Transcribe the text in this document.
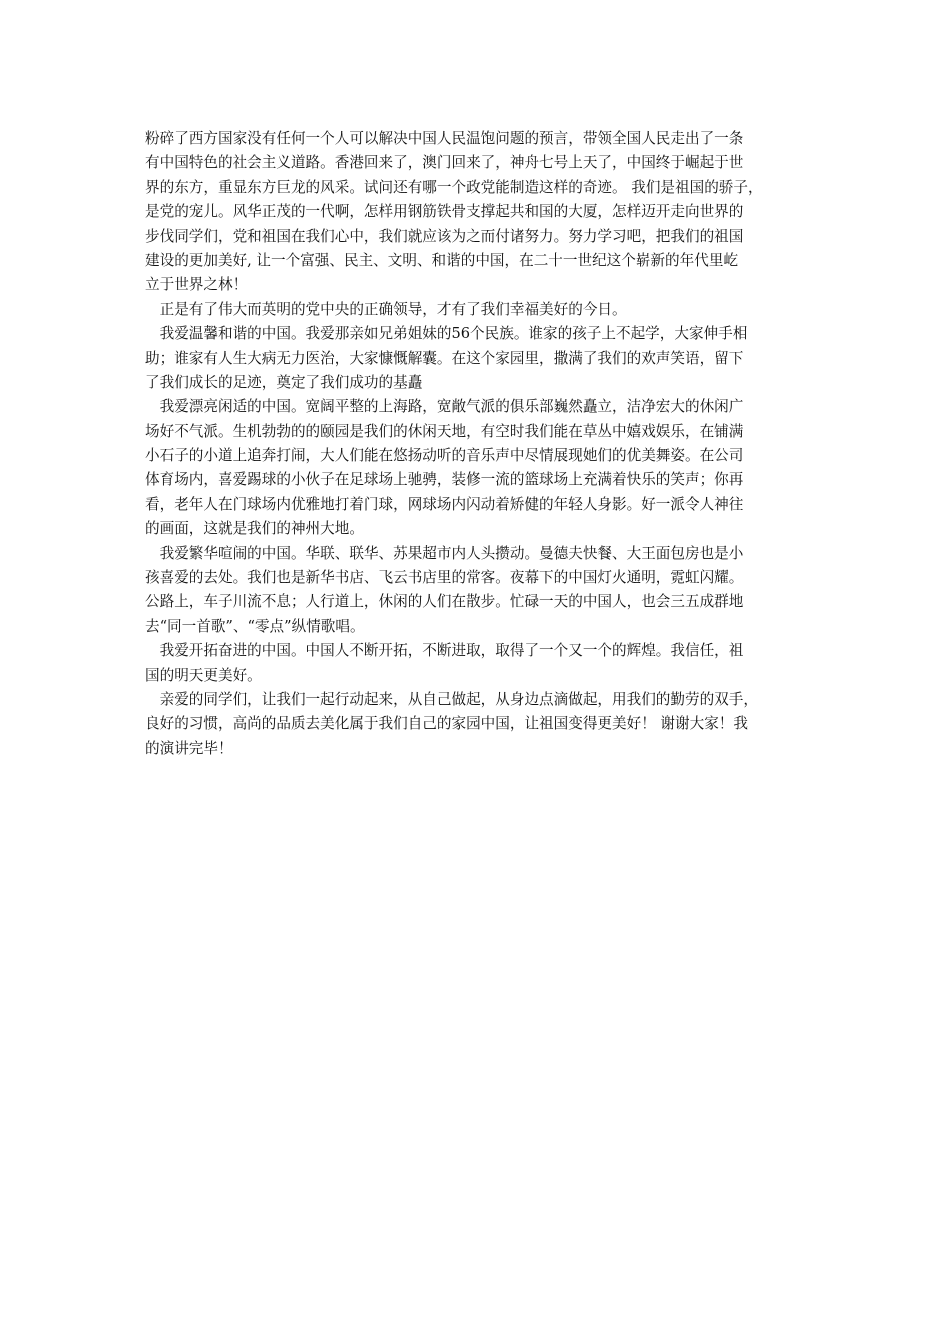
粉碎了西方国家没有任何一个人可以解决中国人民温饱问题的预言，带领全国人民走出了一条
有中国特色的社会主义道路。香港回来了，澳门回来了，神舟七号上天了，中国终于崛起于世
界的东方，重显东方巨龙的风采。试问还有哪一个政党能制造这样的奇迹。 我们是祖国的骄子，
是党的宠儿。风华正茂的一代啊，怎样用钢筋铁骨支撑起共和国的大厦，怎样迈开走向世界的
步伐同学们，党和祖国在我们心中，我们就应该为之而付诸努力。努力学习吧，把我们的祖国
建设的更加美好, 让一个富强、民主、文明、和谐的中国，在二十一世纪这个崭新的年代里屹
立于世界之林！
　正是有了伟大而英明的党中央的正确领导，才有了我们幸福美好的今日。
　我爱温馨和谐的中国。我爱那亲如兄弟姐妹的56个民族。谁家的孩子上不起学，大家伸手相
助；谁家有人生大病无力医治，大家慷慨解囊。在这个家园里，撒满了我们的欢声笑语，留下
了我们成长的足迹，奠定了我们成功的基矗
　我爱漂亮闲适的中国。宽阔平整的上海路，宽敞气派的俱乐部巍然矗立，洁净宏大的休闲广
场好不气派。生机勃勃的的颐园是我们的休闲天地，有空时我们能在草丛中嬉戏娱乐，在铺满
小石子的小道上追奔打闹，大人们能在悠扬动听的音乐声中尽情展现她们的优美舞姿。在公司
体育场内，喜爱踢球的小伙子在足球场上驰骋，装修一流的篮球场上充满着快乐的笑声；你再
看，老年人在门球场内优雅地打着门球，网球场内闪动着矫健的年轻人身影。好一派令人神往
的画面，这就是我们的神州大地。
　我爱繁华喧闹的中国。华联、联华、苏果超市内人头攒动。曼德夫快餐、大王面包房也是小
孩喜爱的去处。我们也是新华书店、飞云书店里的常客。夜幕下的中国灯火通明，霓虹闪耀。
公路上，车子川流不息；人行道上，休闲的人们在散步。忙碌一天的中国人，也会三五成群地
去“同一首歌”、“零点”纵情歌唱。
　我爱开拓奋进的中国。中国人不断开拓，不断进取，取得了一个又一个的辉煌。我信任，祖
国的明天更美好。
　亲爱的同学们，让我们一起行动起来，从自己做起，从身边点滴做起，用我们的勤劳的双手，
良好的习惯，高尚的品质去美化属于我们自己的家园中国，让祖国变得更美好！ 谢谢大家！我
的演讲完毕！
